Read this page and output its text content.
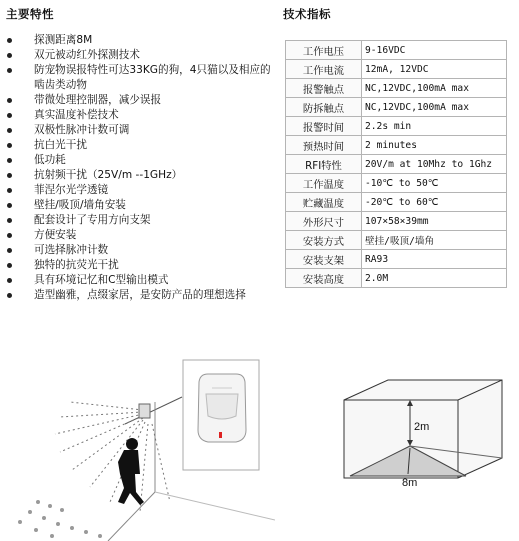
主要特性
探测距离8M
双元被动红外探测技术
防宠物误报特性可达33KG的狗，4只猫以及相应的啮齿类动物
带微处理控制器，减少误报
真实温度补偿技术
双极性脉冲计数可调
抗白光干扰
低功耗
抗射频干扰（25V/m --1GHz）
菲涅尔光学透镜
壁挂/吸顶/墙角安装
配套设计了专用方向支架
方便安装
可选择脉冲计数
独特的抗荧光干扰
具有环境记忆和C型输出模式
造型幽雅，点缀家居，是安防产品的理想选择
技术指标
工作电压	9-16VDC
工作电流	12mA, 12VDC
报警触点	NC,12VDC,100mA max
防拆触点	NC,12VDC,100mA max
报警时间	2.2s min
预热时间	2 minutes
RFI特性	20V/m at 10Mhz to 1Ghz
工作温度	-10℃ to 50℃
贮藏温度	-20℃ to 60℃
外形尺寸	107×58×39mm
安装方式	壁挂/吸顶/墙角
安装支架	RA93
安装高度	2.0M
2m
8m
